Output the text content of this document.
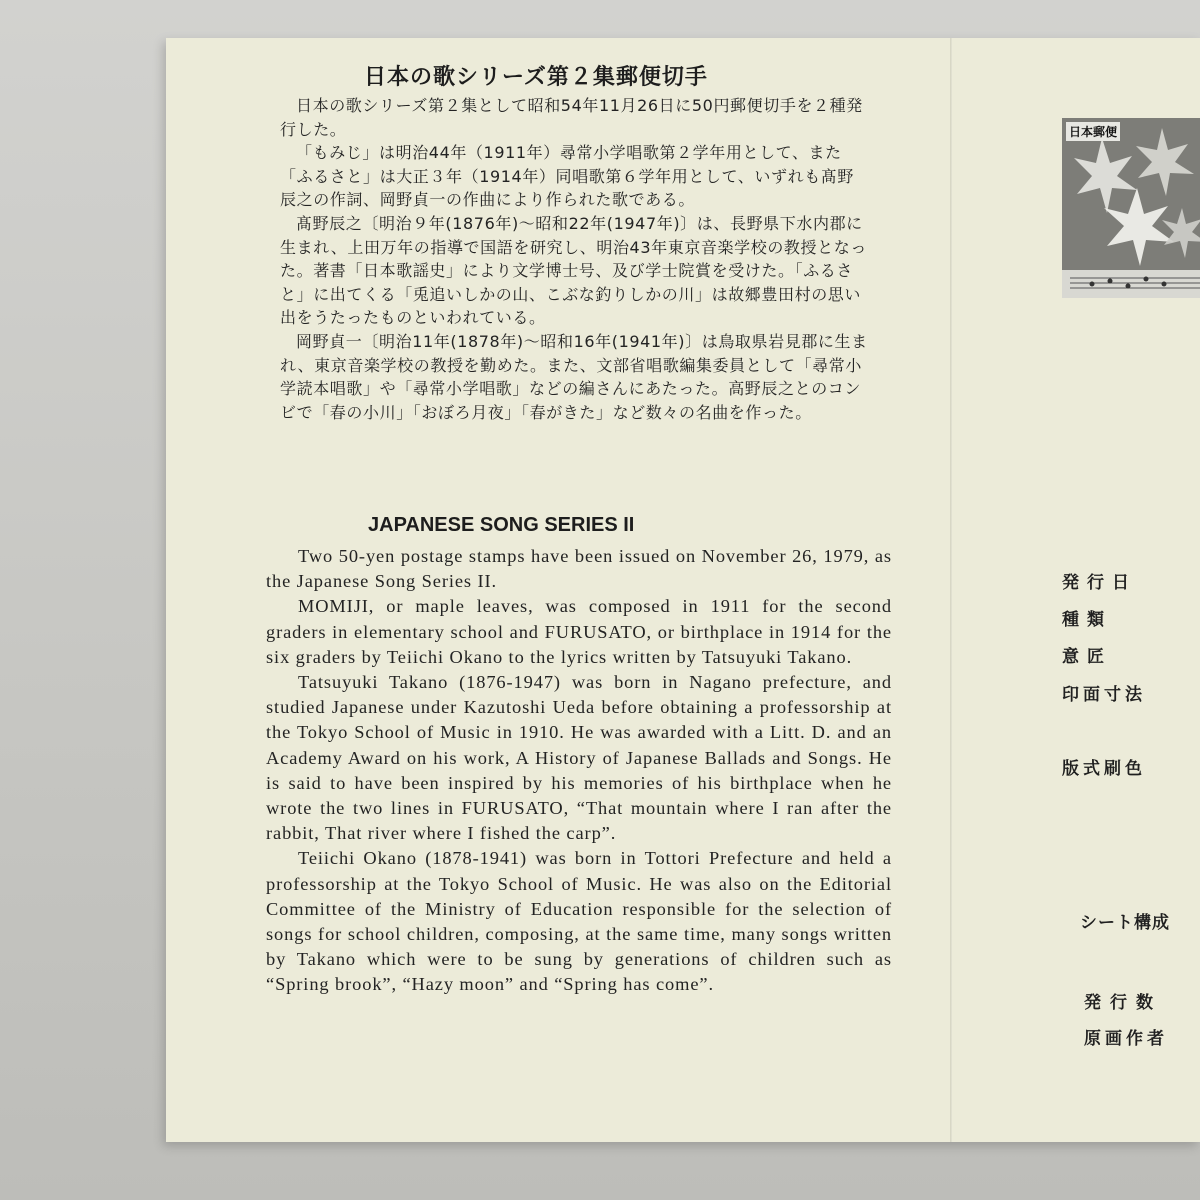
日本の歌シリーズ第２集郵便切手

日本の歌シリーズ第２集として昭和54年11月26日に50円郵便切手を２種発行した。

「もみじ」は明治44年（1911年）尋常小学唱歌第２学年用として、また「ふるさと」は大正３年（1914年）同唱歌第６学年用として、いずれも髙野辰之の作詞、岡野貞一の作曲により作られた歌である。

髙野辰之〔明治９年(1876年)～昭和22年(1947年)〕は、長野県下水内郡に生まれ、上田万年の指導で国語を研究し、明治43年東京音楽学校の教授となった。著書「日本歌謡史」により文学博士号、及び学士院賞を受けた。「ふるさと」に出てくる「兎追いしかの山、こぶな釣りしかの川」は故郷豊田村の思い出をうたったものといわれている。

岡野貞一〔明治11年(1878年)～昭和16年(1941年)〕は鳥取県岩見郡に生まれ、東京音楽学校の教授を勤めた。また、文部省唱歌編集委員として「尋常小学読本唱歌」や「尋常小学唱歌」などの編さんにあたった。高野辰之とのコンビで「春の小川」「おぼろ月夜」「春がきた」など数々の名曲を作った。

JAPANESE SONG SERIES II

Two 50-yen postage stamps have been issued on November 26, 1979, as the Japanese Song Series II.

MOMIJI, or maple leaves, was composed in 1911 for the second graders in elementary school and FURUSATO, or birthplace in 1914 for the six graders by Teiichi Okano to the lyrics written by Tatsuyuki Takano.

Tatsuyuki Takano (1876-1947) was born in Nagano prefecture, and studied Japanese under Kazutoshi Ueda before obtaining a professorship at the Tokyo School of Music in 1910. He was awarded with a Litt. D. and an Academy Award on his work, A History of Japanese Ballads and Songs. He is said to have been inspired by his memories of his birthplace when he wrote the two lines in FURUSATO, “That mountain where I ran after the rabbit, That river where I fished the carp”.

Teiichi Okano (1878-1941) was born in Tottori Prefecture and held a professorship at the Tokyo School of Music. He was also on the Editorial Committee of the Ministry of Education responsible for the selection of songs for school children, composing, at the same time, many songs written by Takano which were to be sung by generations of children such as “Spring brook”, “Hazy moon” and “Spring has come”.

日本郵便
発行日
種類
意匠
印面寸法
版式刷色
シート構成
発行数
原画作者
